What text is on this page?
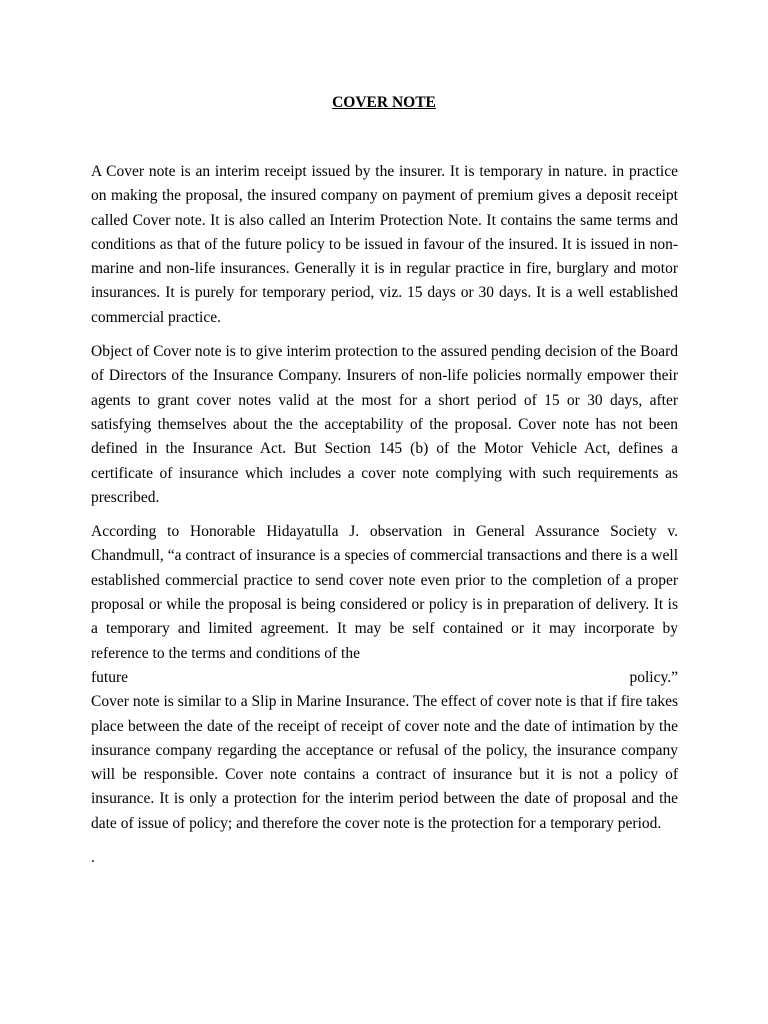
COVER NOTE

A Cover note is an interim receipt issued by the insurer. It is temporary in nature. in practice on making the proposal, the insured company on payment of premium gives a deposit receipt called Cover note. It is also called an Interim Protection Note. It contains the same terms and conditions as that of the future policy to be issued in favour of the insured. It is issued in non-marine and non-life insurances. Generally it is in regular practice in fire, burglary and motor insurances. It is purely for temporary period, viz. 15 days or 30 days. It is a well established commercial practice.

Object of Cover note is to give interim protection to the assured pending decision of the Board of Directors of the Insurance Company. Insurers of non-life policies normally empower their agents to grant cover notes valid at the most for a short period of 15 or 30 days, after satisfying themselves about the the acceptability of the proposal. Cover note has not been defined in the Insurance Act. But Section 145 (b) of the Motor Vehicle Act, defines a certificate of insurance which includes a cover note complying with such requirements as prescribed.

According to Honorable Hidayatulla J. observation in General Assurance Society v. Chandmull, “a contract of insurance is a species of commercial transactions and there is a well established commercial practice to send cover note even prior to the completion of a proper proposal or while the proposal is being considered or policy is in preparation of delivery. It is a temporary and limited agreement. It may be self contained or it may incorporate by reference to the terms and conditions of the

future	policy.”

Cover note is similar to a Slip in Marine Insurance. The effect of cover note is that if fire takes place between the date of the receipt of receipt of cover note and the date of intimation by the insurance company regarding the acceptance or refusal of the policy, the insurance company will be responsible. Cover note contains a contract of insurance but it is not a policy of insurance. It is only a protection for the interim period between the date of proposal and the date of issue of policy; and therefore the cover note is the protection for a temporary period.

.
